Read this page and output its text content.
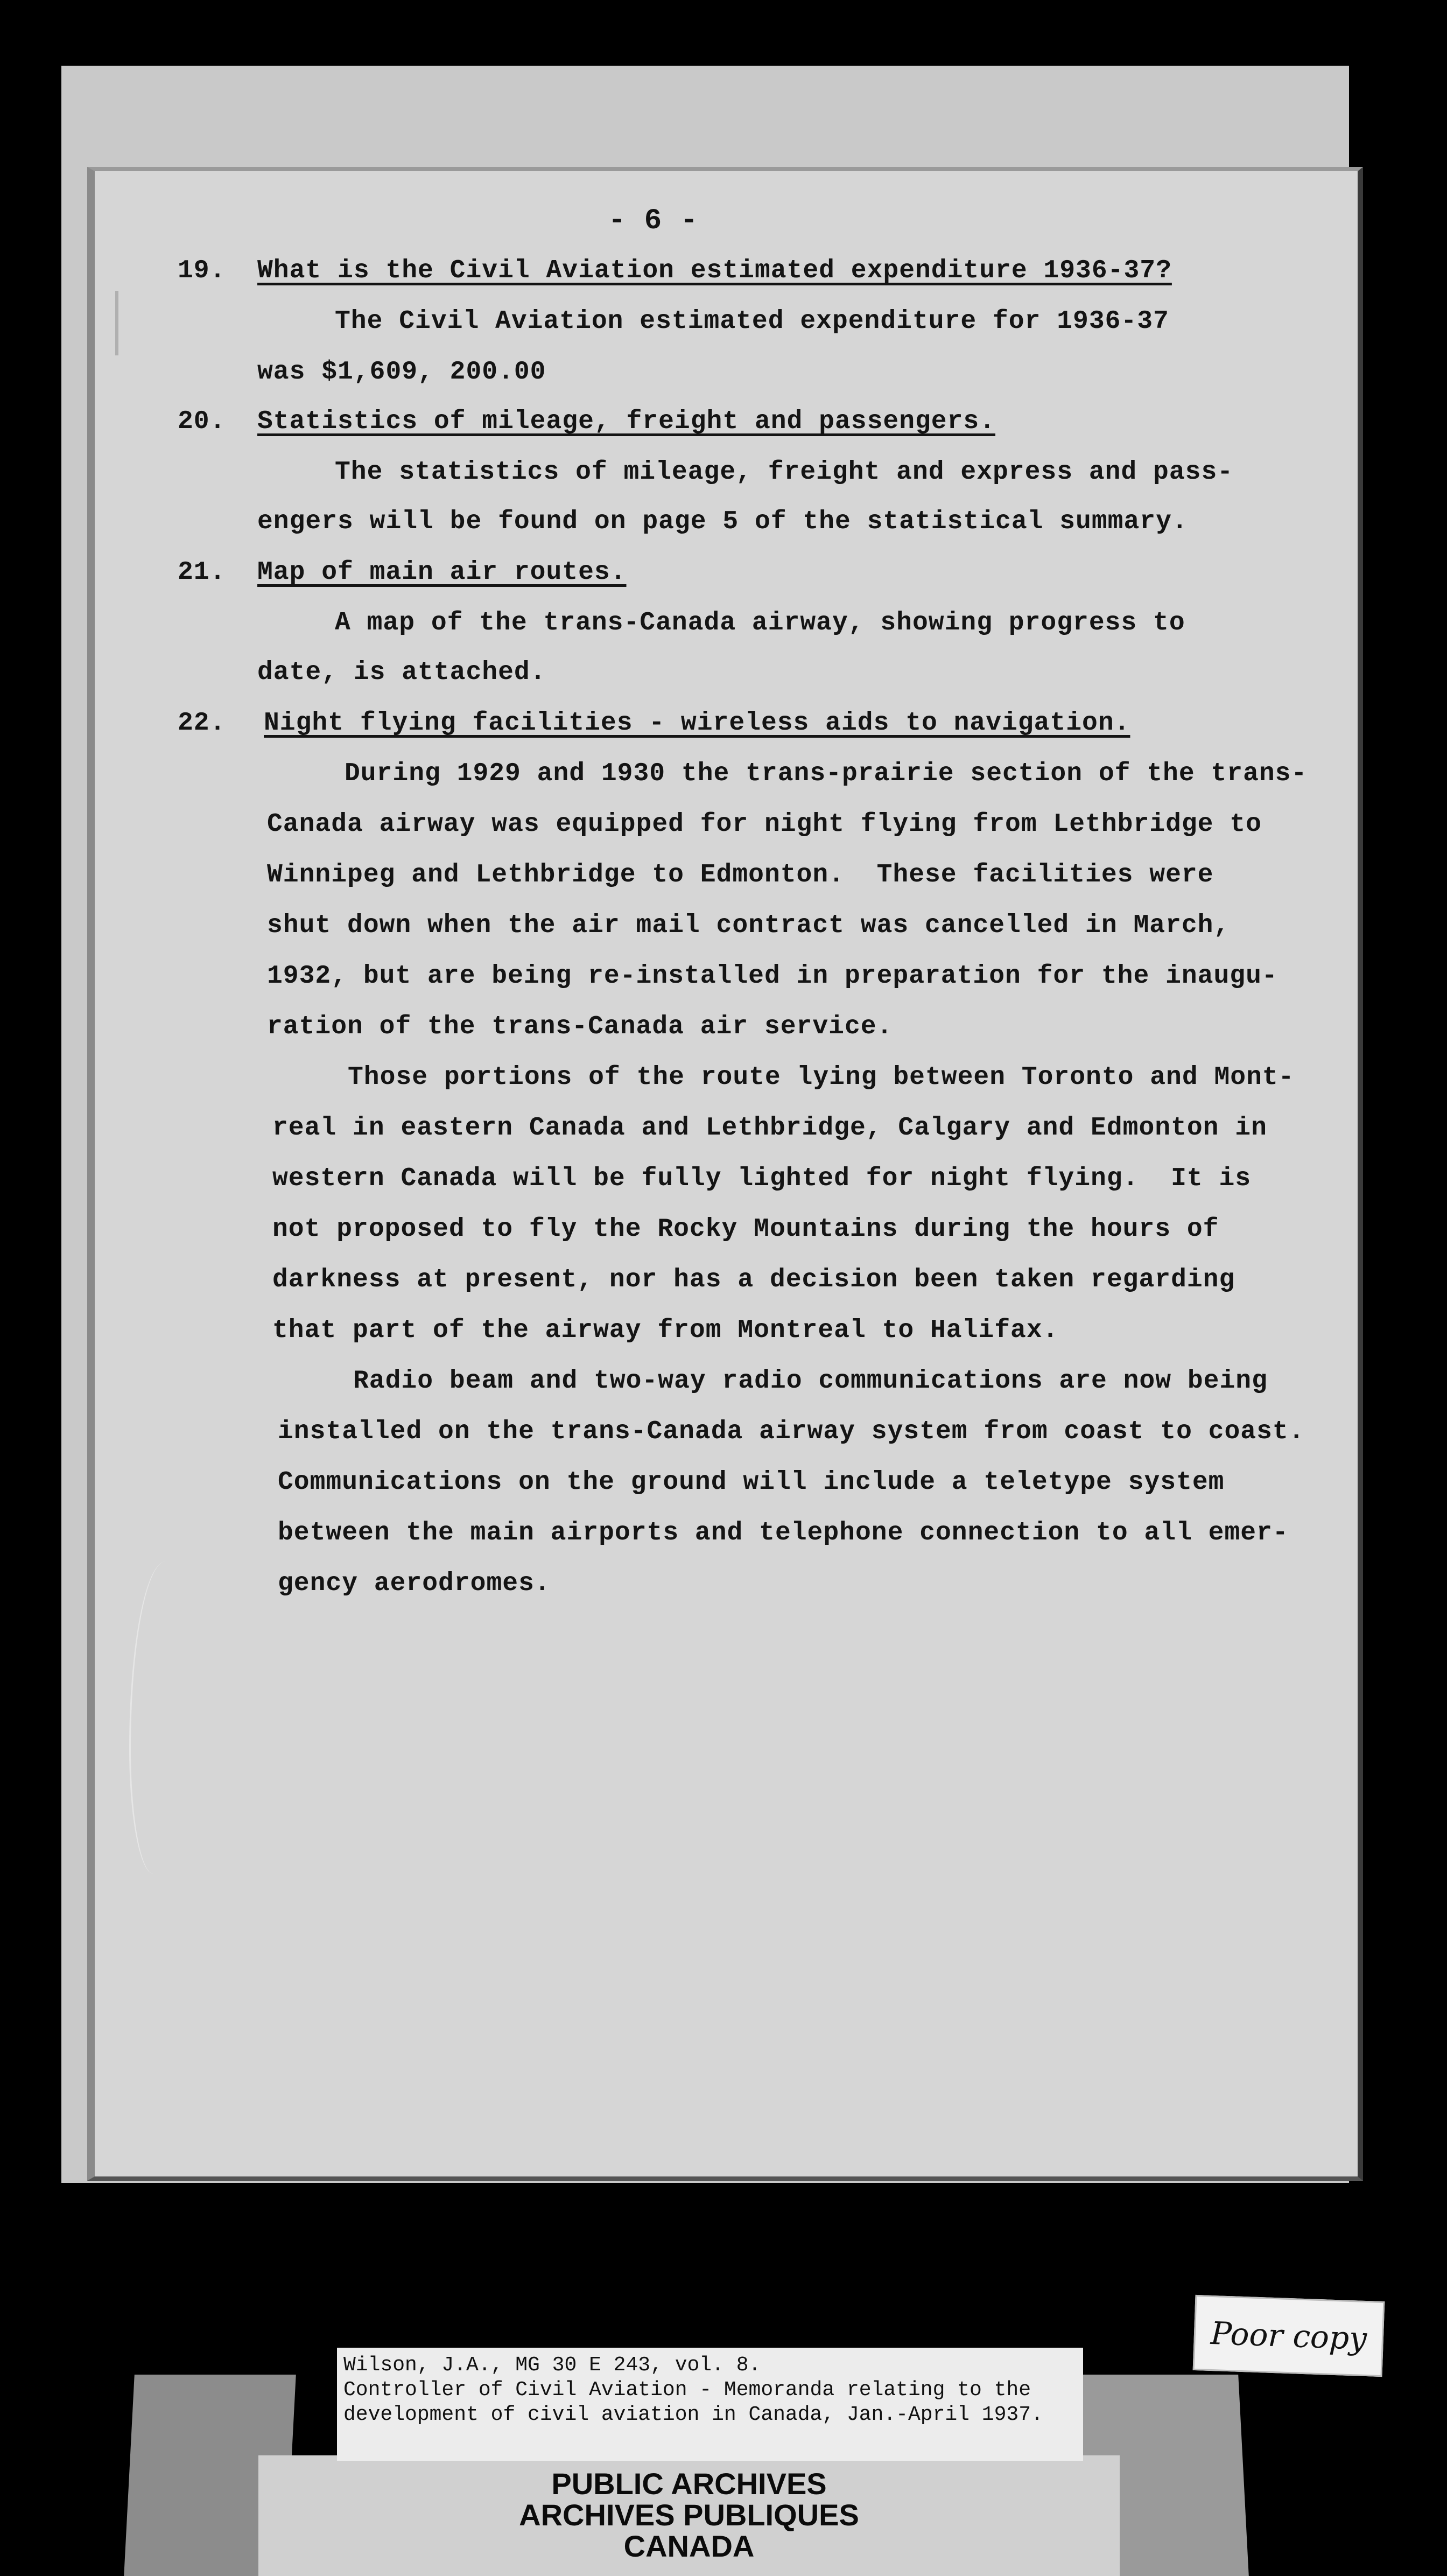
- 6 -
19. What is the Civil Aviation estimated expenditure 1936-37?
The Civil Aviation estimated expenditure for 1936-37
was $1,609, 200.00
20. Statistics of mileage, freight and passengers.
The statistics of mileage, freight and express and pass-
engers will be found on page 5 of the statistical summary.
21. Map of main air routes.
A map of the trans-Canada airway, showing progress to
date, is attached.
22. Night flying facilities - wireless aids to navigation.
During 1929 and 1930 the trans-prairie section of the trans-
Canada airway was equipped for night flying from Lethbridge to
Winnipeg and Lethbridge to Edmonton.  These facilities were
shut down when the air mail contract was cancelled in March,
1932, but are being re-installed in preparation for the inaugu-
ration of the trans-Canada air service.
Those portions of the route lying between Toronto and Mont-
real in eastern Canada and Lethbridge, Calgary and Edmonton in
western Canada will be fully lighted for night flying.  It is
not proposed to fly the Rocky Mountains during the hours of
darkness at present, nor has a decision been taken regarding
that part of the airway from Montreal to Halifax.
Radio beam and two-way radio communications are now being
installed on the trans-Canada airway system from coast to coast.
Communications on the ground will include a teletype system
between the main airports and telephone connection to all emer-
gency aerodromes.
Poor copy
Wilson, J.A., MG 30 E 243, vol. 8.
Controller of Civil Aviation - Memoranda relating to the
development of civil aviation in Canada, Jan.-April 1937.
PUBLIC ARCHIVES
ARCHIVES PUBLIQUES
CANADA
